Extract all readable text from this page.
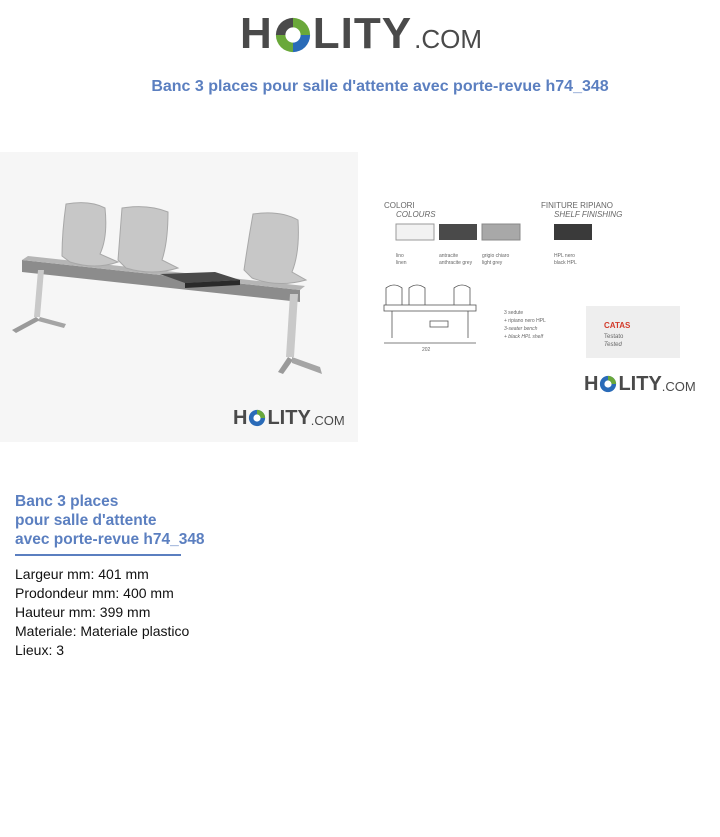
H LITY .COM
Banc 3 places pour salle d'attente avec porte-revue h74_348
H LITY .COM
COLORI
COLOURS
FINITURE RIPIANO
SHELF FINISHING
lino
linen
antracite
anthracite grey
grigio chiaro
light grey
HPL nero
black HPL
202
3 sedute
+ ripiano nero HPL
3-seater bench
+ black HPL shelf
CATAS
Testato
Tested
H LITY .COM
Banc 3 places
pour salle d'attente
avec porte-revue h74_348
Largeur mm: 401 mm
Prodondeur mm: 400 mm
Hauteur mm: 399 mm
Materiale: Materiale plastico
Lieux: 3
